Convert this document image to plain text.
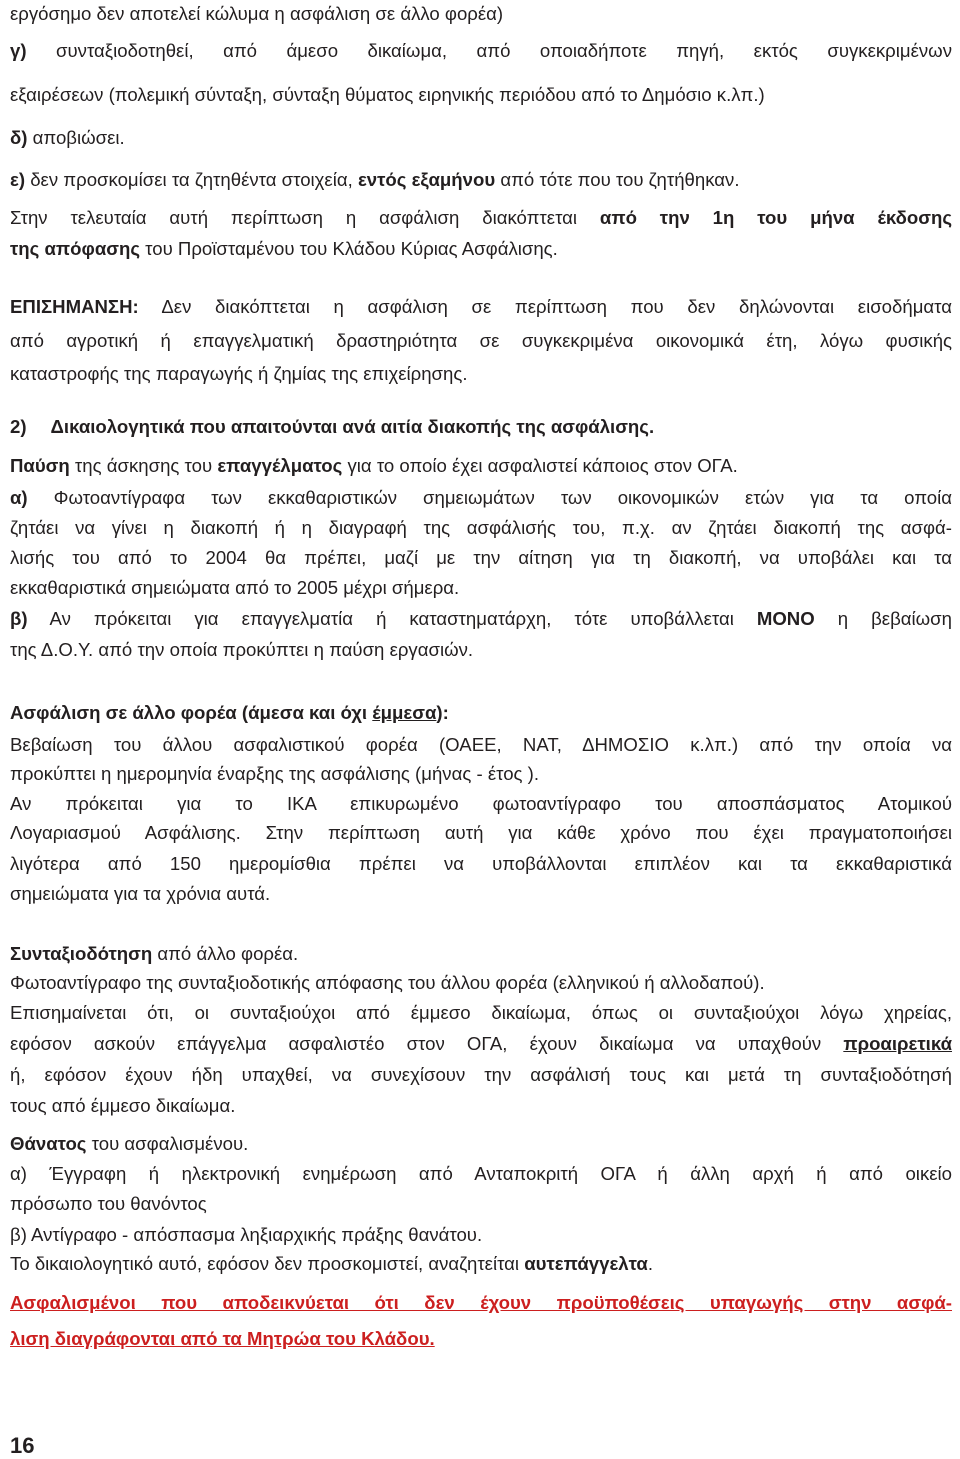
εργόσημο δεν αποτελεί κώλυμα η ασφάλιση σε άλλο φορέα)
γ) συνταξιοδοτηθεί, από άμεσο δικαίωμα, από οποιαδήποτε πηγή, εκτός συγκεκριμένων
εξαιρέσεων (πολεμική σύνταξη, σύνταξη θύματος ειρηνικής περιόδου από το Δημόσιο κ.λπ.)
δ) αποβιώσει.
ε) δεν προσκομίσει τα ζητηθέντα στοιχεία, εντός εξαμήνου από τότε που του ζητήθηκαν.
Στην τελευταία αυτή περίπτωση η ασφάλιση διακόπτεται από την 1η του μήνα έκδοσης
της απόφασης του Προϊσταμένου του Κλάδου Κύριας Ασφάλισης.
ΕΠΙΣΗΜΑΝΣΗ: Δεν διακόπτεται η ασφάλιση σε περίπτωση που δεν δηλώνονται εισοδήματα
από αγροτική ή επαγγελματική δραστηριότητα σε συγκεκριμένα οικονομικά έτη, λόγω φυσικής
καταστροφής της παραγωγής ή ζημίας της επιχείρησης.
2) Δικαιολογητικά που απαιτούνται ανά αιτία διακοπής της ασφάλισης.
Παύση της άσκησης του επαγγέλματος για το οποίο έχει ασφαλιστεί κάποιος στον ΟΓΑ.
α) Φωτοαντίγραφα των εκκαθαριστικών σημειωμάτων των οικονομικών ετών για τα οποία
ζητάει να γίνει η διακοπή ή η διαγραφή της ασφάλισής του, π.χ. αν ζητάει διακοπή της ασφά-
λισής του από το 2004 θα πρέπει, μαζί με την αίτηση για τη διακοπή, να υποβάλει και τα
εκκαθαριστικά σημειώματα από το 2005 μέχρι σήμερα.
β) Αν πρόκειται για επαγγελματία ή καταστηματάρχη, τότε υποβάλλεται ΜΟΝΟ η βεβαίωση
της Δ.Ο.Υ. από την οποία προκύπτει η παύση εργασιών.
Ασφάλιση σε άλλο φορέα (άμεσα και όχι έμμεσα):
Βεβαίωση του άλλου ασφαλιστικού φορέα (ΟΑΕΕ, ΝΑΤ, ΔΗΜΟΣΙΟ κ.λπ.) από την οποία να
προκύπτει η ημερομηνία έναρξης της ασφάλισης (μήνας - έτος ).
Αν πρόκειται για το ΙΚΑ επικυρωμένο φωτοαντίγραφο του αποσπάσματος Ατομικού
Λογαριασμού Ασφάλισης. Στην περίπτωση αυτή για κάθε χρόνο που έχει πραγματοποιήσει
λιγότερα από 150 ημερομίσθια πρέπει να υποβάλλονται επιπλέον και τα εκκαθαριστικά
σημειώματα για τα χρόνια αυτά.
Συνταξιοδότηση από άλλο φορέα.
Φωτοαντίγραφο της συνταξιοδοτικής απόφασης του άλλου φορέα (ελληνικού ή αλλοδαπού).
Επισημαίνεται ότι, οι συνταξιούχοι από έμμεσο δικαίωμα, όπως οι συνταξιούχοι λόγω χηρείας,
εφόσον ασκούν επάγγελμα ασφαλιστέο στον ΟΓΑ, έχουν δικαίωμα να υπαχθούν προαιρετικά
ή, εφόσον έχουν ήδη υπαχθεί, να συνεχίσουν την ασφάλισή τους και μετά τη συνταξιοδότησή
τους από έμμεσο δικαίωμα.
Θάνατος του ασφαλισμένου.
α) Έγγραφη ή ηλεκτρονική ενημέρωση από Ανταποκριτή ΟΓΑ ή άλλη αρχή ή από οικείο
πρόσωπο του θανόντος
β) Αντίγραφο - απόσπασμα ληξιαρχικής πράξης θανάτου.
Το δικαιολογητικό αυτό, εφόσον δεν προσκομιστεί, αναζητείται αυτεπάγγελτα.
Ασφαλισμένοι που αποδεικνύεται ότι δεν έχουν προϋποθέσεις υπαγωγής στην ασφά-
λιση διαγράφονται από τα Μητρώα του Κλάδου.
16
